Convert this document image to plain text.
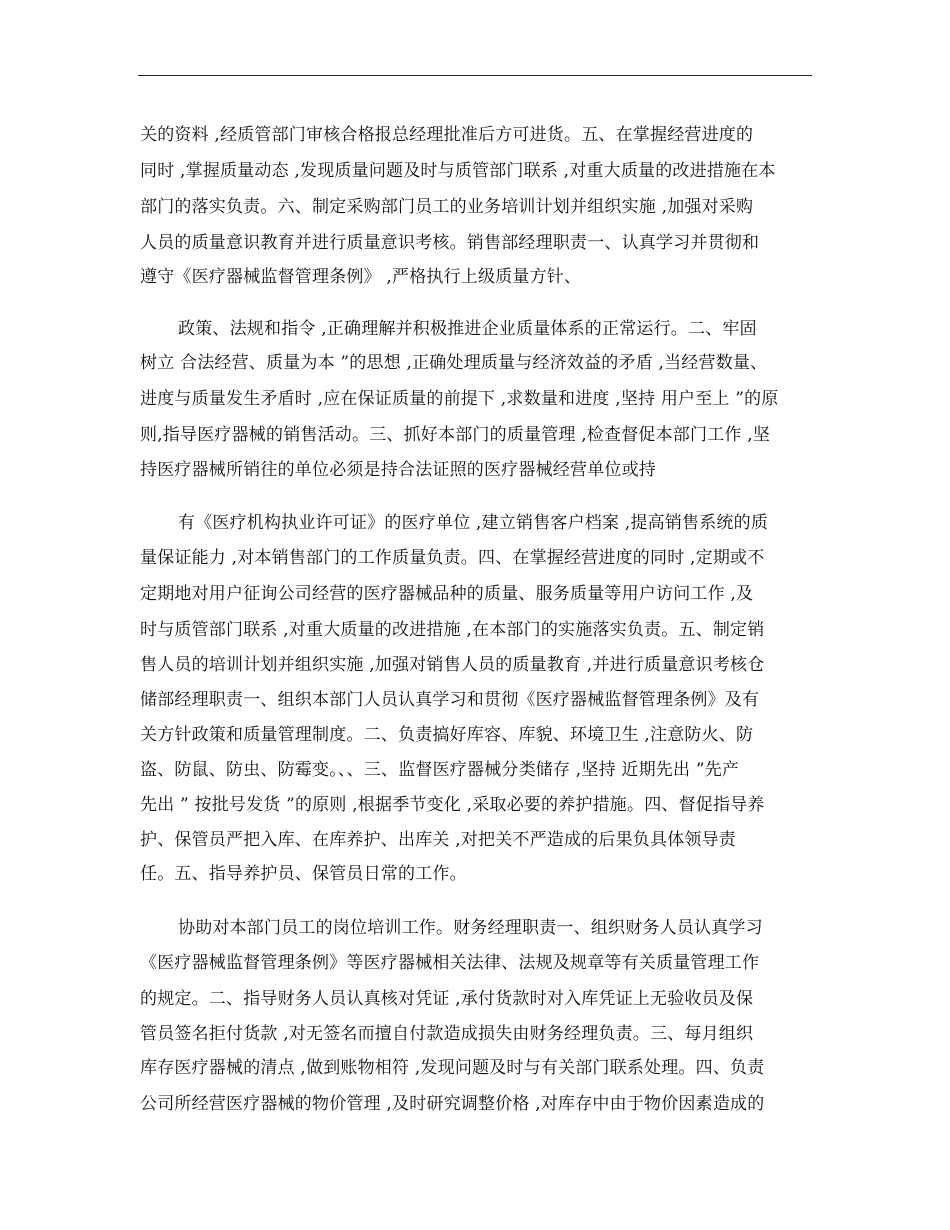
关的资料 ,经质管部门审核合格报总经理批准后方可进货。五、在掌握经营进度的
同时 ,掌握质量动态 ,发现质量问题及时与质管部门联系 ,对重大质量的改进措施在本
部门的落实负责。六、制定采购部门员工的业务培训计划并组织实施 ,加强对采购
人员的质量意识教育并进行质量意识考核。销售部经理职责一、认真学习并贯彻和
遵守《医疗器械监督管理条例》 ,严格执行上级质量方针、
政策、法规和指令 ,正确理解并积极推进企业质量体系的正常运行。二、牢固
树立 合法经营、质量为本 ”的思想 ,正确处理质量与经济效益的矛盾 ,当经营数量、
进度与质量发生矛盾时 ,应在保证质量的前提下 ,求数量和进度 ,坚持 用户至上 ”的原
则,指导医疗器械的销售活动。三、抓好本部门的质量管理 ,检查督促本部门工作 ,坚
持医疗器械所销往的单位必须是持合法证照的医疗器械经营单位或持
有《医疗机构执业许可证》的医疗单位 ,建立销售客户档案 ,提高销售系统的质
量保证能力 ,对本销售部门的工作质量负责。四、在掌握经营进度的同时 ,定期或不
定期地对用户征询公司经营的医疗器械品种的质量、服务质量等用户访问工作 ,及
时与质管部门联系 ,对重大质量的改进措施 ,在本部门的实施落实负责。五、制定销
售人员的培训计划并组织实施 ,加强对销售人员的质量教育 ,并进行质量意识考核仓
储部经理职责一、组织本部门人员认真学习和贯彻《医疗器械监督管理条例》及有
关方针政策和质量管理制度。二、负责搞好库容、库貌、环境卫生 ,注意防火、防
盗、防鼠、防虫、防霉变。、、三、监督医疗器械分类储存 ,坚持 近期先出 ”先产
先出 ” 按批号发货 ”的原则 ,根据季节变化 ,采取必要的养护措施。四、督促指导养
护、保管员严把入库、在库养护、出库关 ,对把关不严造成的后果负具体领导责
任。五、指导养护员、保管员日常的工作。
协助对本部门员工的岗位培训工作。财务经理职责一、组织财务人员认真学习
《医疗器械监督管理条例》等医疗器械相关法律、法规及规章等有关质量管理工作
的规定。二、指导财务人员认真核对凭证 ,承付货款时对入库凭证上无验收员及保
管员签名拒付货款 ,对无签名而擅自付款造成损失由财务经理负责。三、每月组织
库存医疗器械的清点 ,做到账物相符 ,发现问题及时与有关部门联系处理。四、负责
公司所经营医疗器械的物价管理 ,及时研究调整价格 ,对库存中由于物价因素造成的
